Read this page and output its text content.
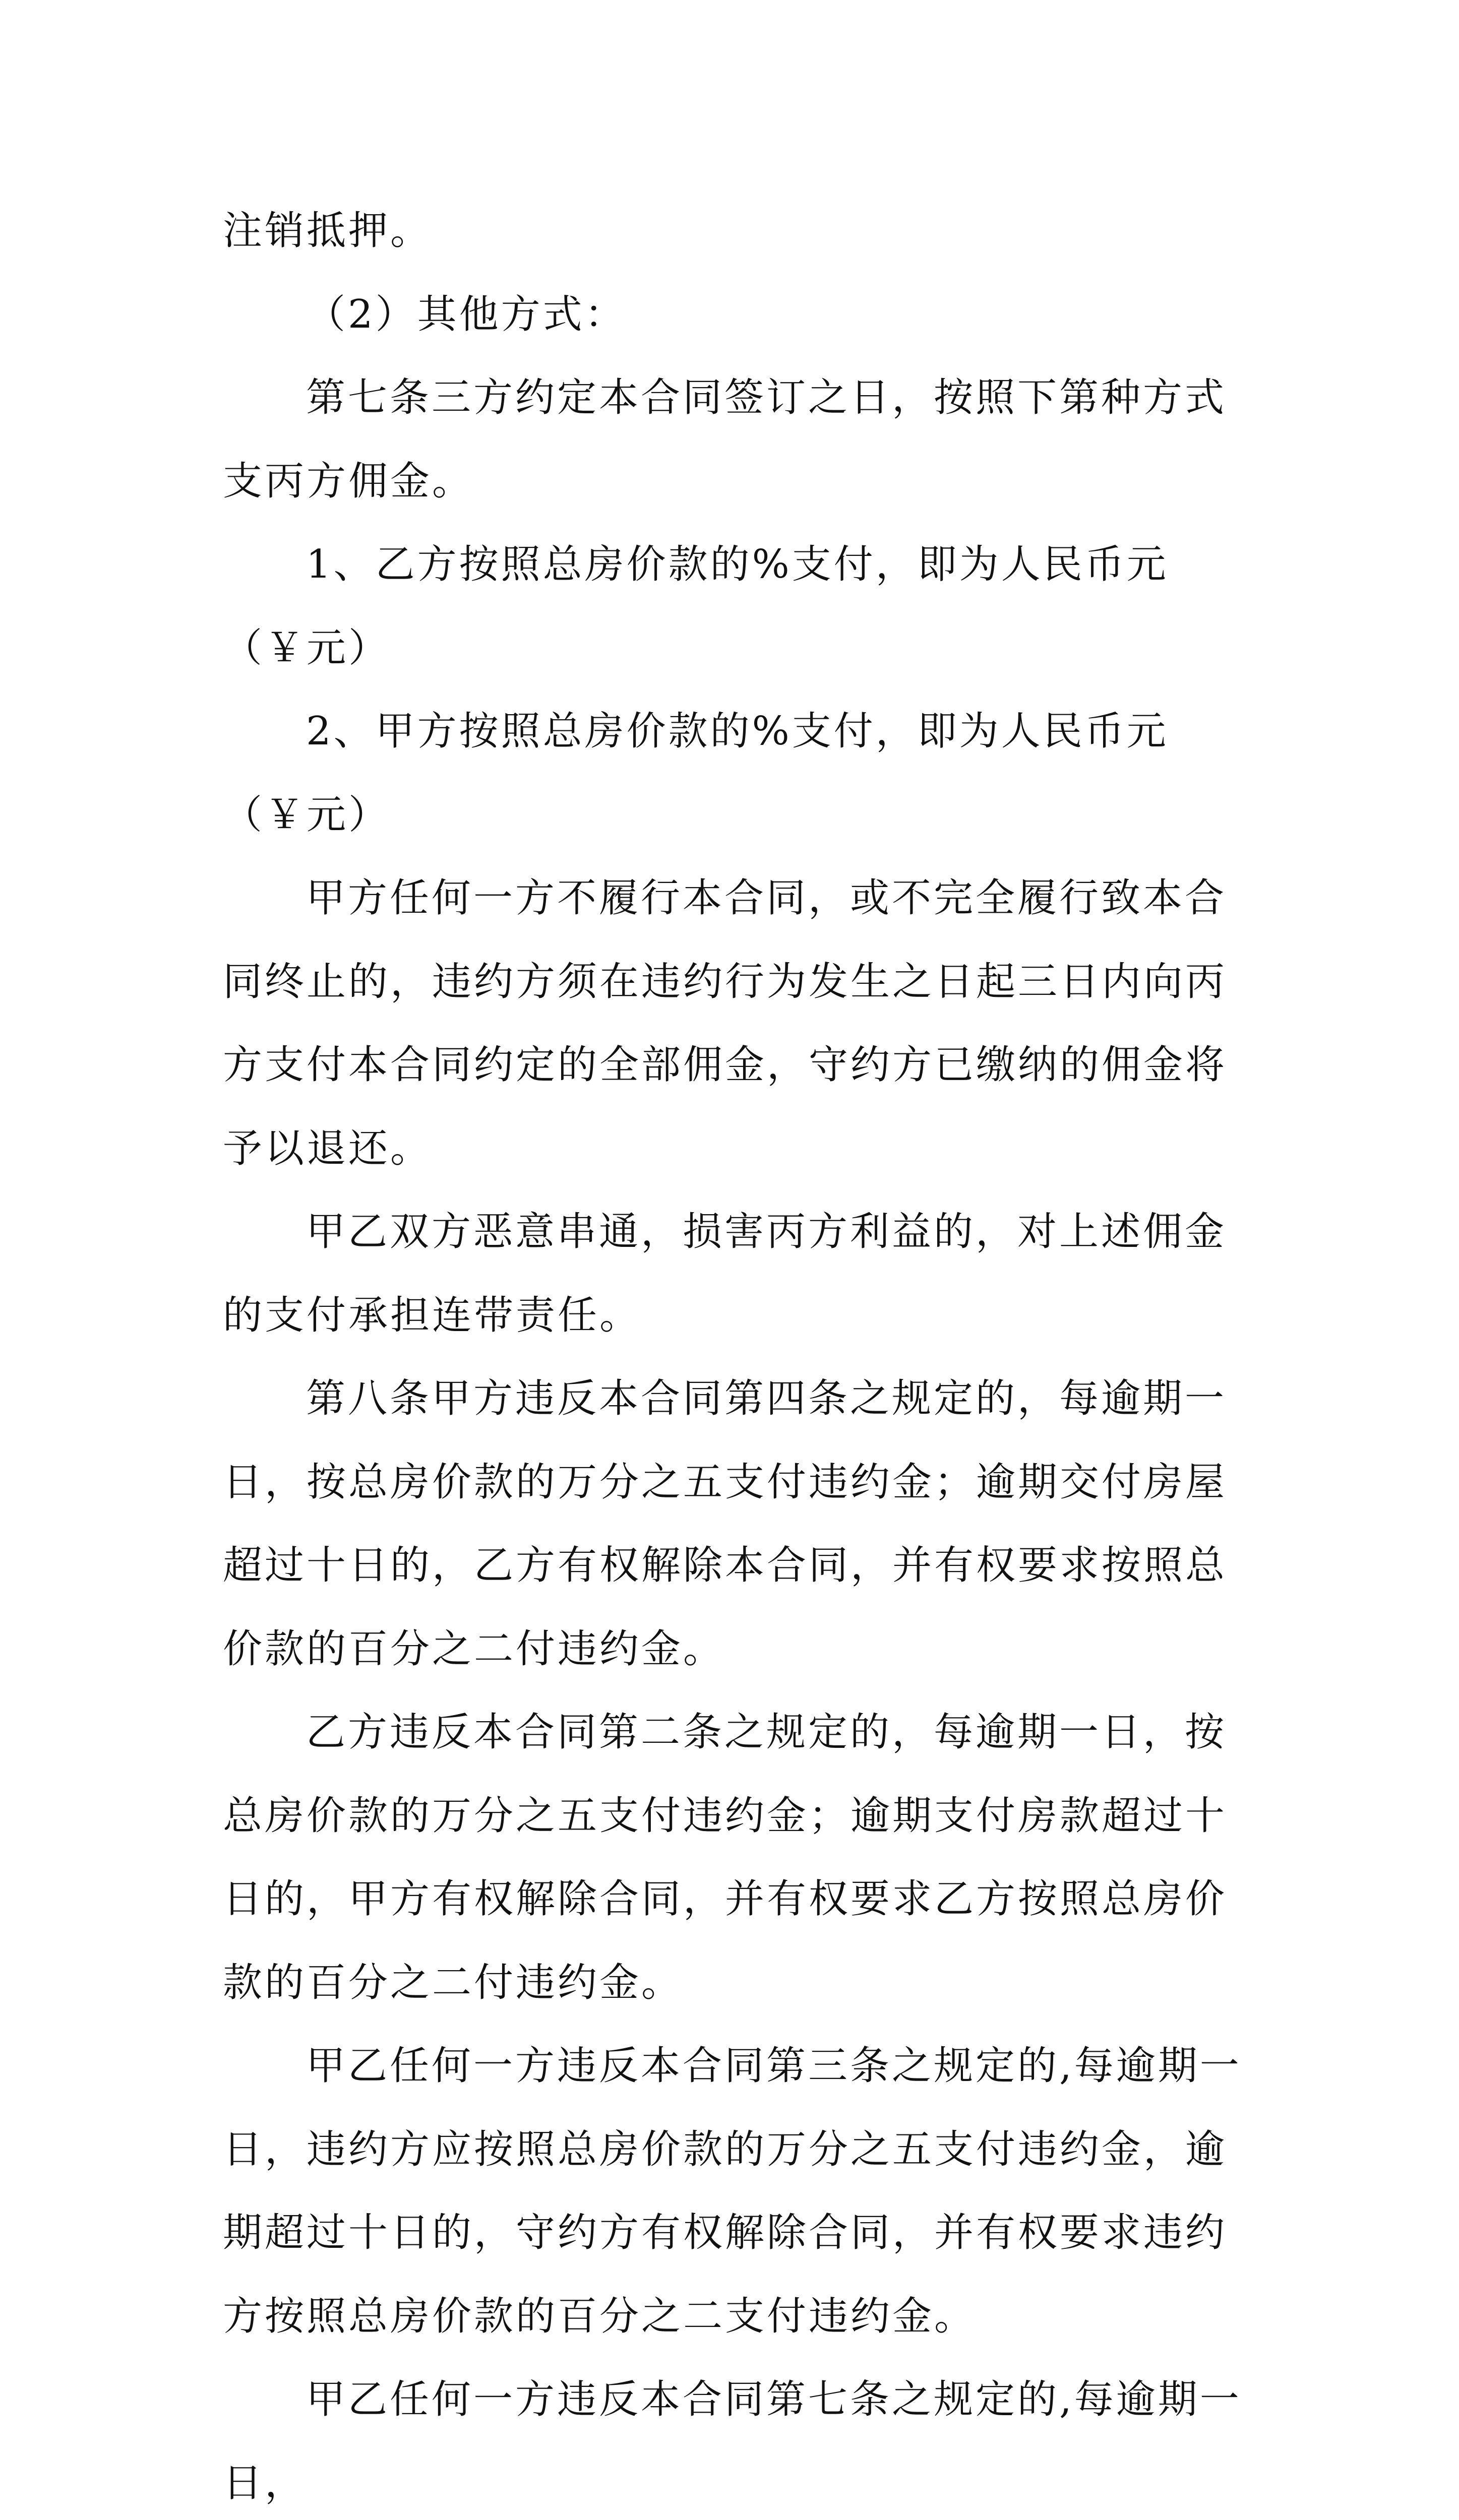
注销抵押。

（2）其他方式：

第七条三方约定本合同签订之日，按照下第种方式支丙方佣金。

1、乙方按照总房价款的%支付，即为人民币元（￥元）

2、甲方按照总房价款的%支付，即为人民币元（￥元）

甲方任何一方不履行本合同，或不完全履行致本合同终止的，违约方须在违约行为发生之日起三日内向丙方支付本合同约定的全部佣金，守约方已缴纳的佣金将予以退还。

甲乙双方恶意串通，损害丙方利益的，对上述佣金的支付承担连带责任。

第八条甲方违反本合同第四条之规定的，每逾期一日，按总房价款的万分之五支付违约金；逾期交付房屋超过十日的，乙方有权解除本合同，并有权要求按照总价款的百分之二付违约金。

乙方违反本合同第二条之规定的，每逾期一日，按总房价款的万分之五支付违约金；逾期支付房款超过十日的，甲方有权解除合同，并有权要求乙方按照总房价款的百分之二付违约金。

甲乙任何一方违反本合同第三条之规定的,每逾期一日，违约方应按照总房价款的万分之五支付违约金，逾期超过十日的，守约方有权解除合同，并有权要求违约方按照总房价款的百分之二支付违约金。

甲乙任何一方违反本合同第七条之规定的,每逾期一日，
